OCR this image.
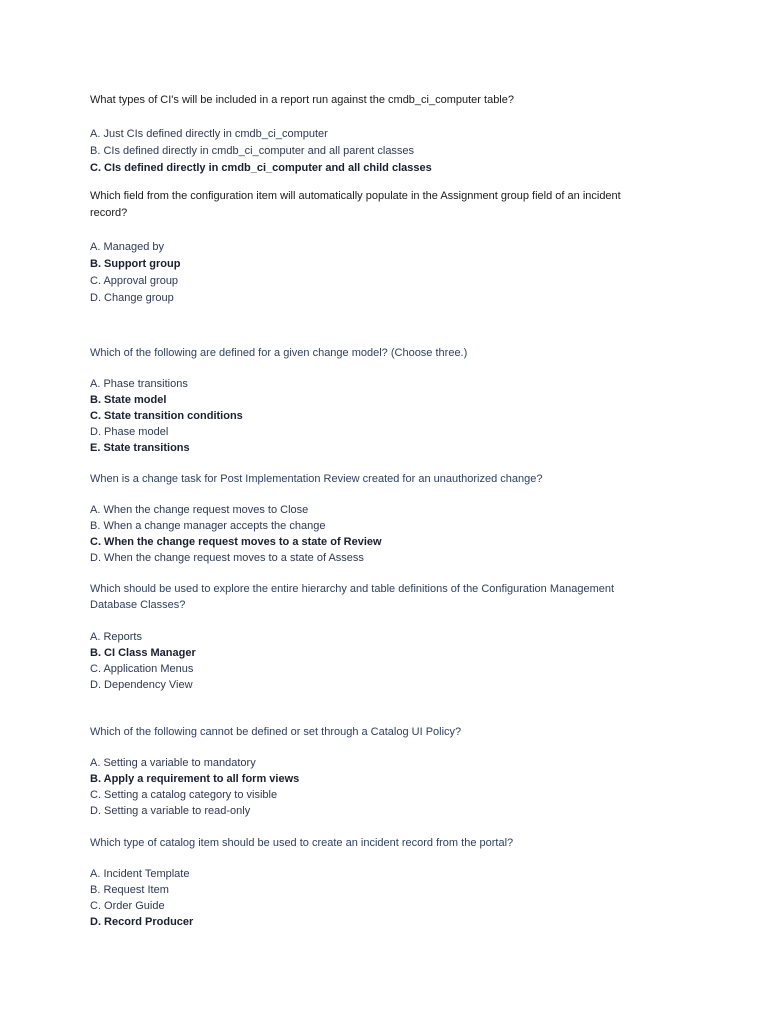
What types of CI's will be included in a report run against the cmdb_ci_computer table?
A. Just CIs defined directly in cmdb_ci_computer
B. CIs defined directly in cmdb_ci_computer and all parent classes
C. CIs defined directly in cmdb_ci_computer and all child classes
Which field from the configuration item will automatically populate in the Assignment group field of an incident
record?
A. Managed by
B. Support group
C. Approval group
D. Change group
Which of the following are defined for a given change model? (Choose three.)
A. Phase transitions
B. State model
C. State transition conditions
D. Phase model
E. State transitions
When is a change task for Post Implementation Review created for an unauthorized change?
A. When the change request moves to Close
B. When a change manager accepts the change
C. When the change request moves to a state of Review
D. When the change request moves to a state of Assess
Which should be used to explore the entire hierarchy and table definitions of the Configuration Management
Database Classes?
A. Reports
B. CI Class Manager
C. Application Menus
D. Dependency View
Which of the following cannot be defined or set through a Catalog UI Policy?
A. Setting a variable to mandatory
B. Apply a requirement to all form views
C. Setting a catalog category to visible
D. Setting a variable to read-only
Which type of catalog item should be used to create an incident record from the portal?
A. Incident Template
B. Request Item
C. Order Guide
D. Record Producer
